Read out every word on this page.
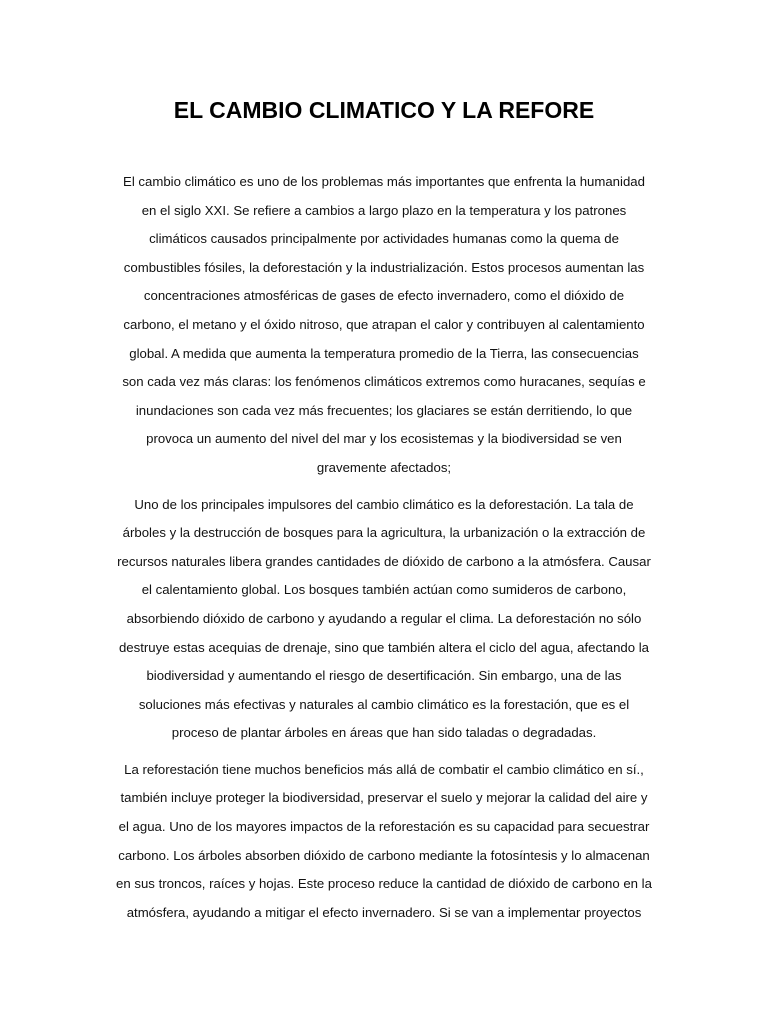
EL CAMBIO CLIMATICO Y LA REFORE

El cambio climático es uno de los problemas más importantes que enfrenta la humanidad
en el siglo XXI. Se refiere a cambios a largo plazo en la temperatura y los patrones
climáticos causados principalmente por actividades humanas como la quema de
combustibles fósiles, la deforestación y la industrialización. Estos procesos aumentan las
concentraciones atmosféricas de gases de efecto invernadero, como el dióxido de
carbono, el metano y el óxido nitroso, que atrapan el calor y contribuyen al calentamiento
global. A medida que aumenta la temperatura promedio de la Tierra, las consecuencias
son cada vez más claras: los fenómenos climáticos extremos como huracanes, sequías e
inundaciones son cada vez más frecuentes; los glaciares se están derritiendo, lo que
provoca un aumento del nivel del mar y los ecosistemas y la biodiversidad se ven
gravemente afectados;

Uno de los principales impulsores del cambio climático es la deforestación. La tala de
árboles y la destrucción de bosques para la agricultura, la urbanización o la extracción de
recursos naturales libera grandes cantidades de dióxido de carbono a la atmósfera. Causar
el calentamiento global. Los bosques también actúan como sumideros de carbono,
absorbiendo dióxido de carbono y ayudando a regular el clima. La deforestación no sólo
destruye estas acequias de drenaje, sino que también altera el ciclo del agua, afectando la
biodiversidad y aumentando el riesgo de desertificación. Sin embargo, una de las
soluciones más efectivas y naturales al cambio climático es la forestación, que es el
proceso de plantar árboles en áreas que han sido taladas o degradadas.

La reforestación tiene muchos beneficios más allá de combatir el cambio climático en sí.,
también incluye proteger la biodiversidad, preservar el suelo y mejorar la calidad del aire y
el agua. Uno de los mayores impactos de la reforestación es su capacidad para secuestrar
carbono. Los árboles absorben dióxido de carbono mediante la fotosíntesis y lo almacenan
en sus troncos, raíces y hojas. Este proceso reduce la cantidad de dióxido de carbono en la
atmósfera, ayudando a mitigar el efecto invernadero. Si se van a implementar proyectos
